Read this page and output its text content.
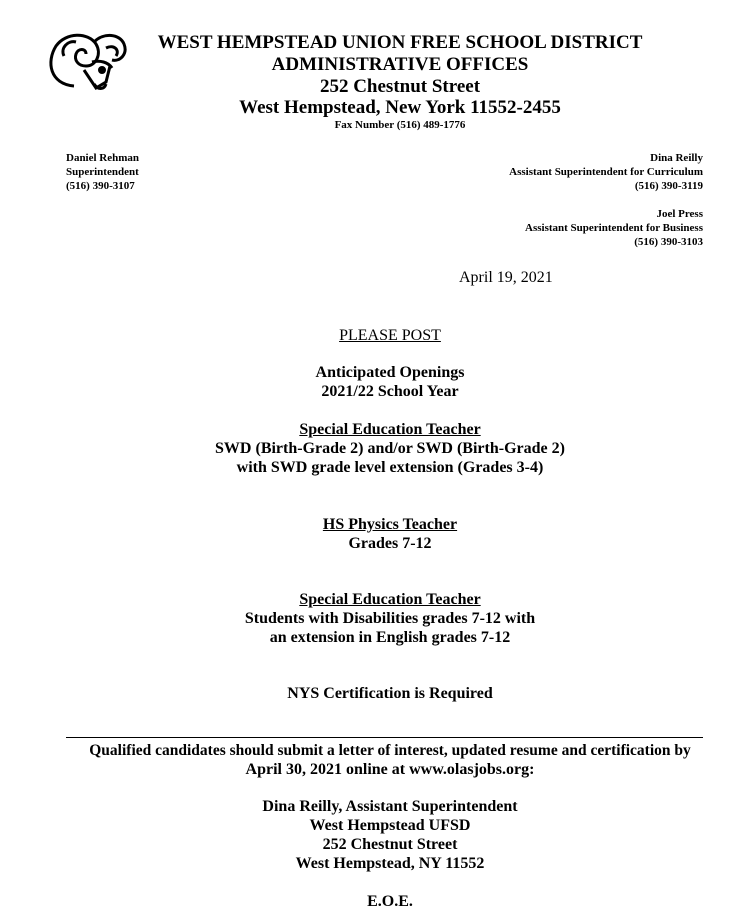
WEST HEMPSTEAD UNION FREE SCHOOL DISTRICT
ADMINISTRATIVE OFFICES
252 Chestnut Street
West Hempstead, New York 11552-2455
Fax Number (516) 489-1776
Daniel Rehman
Superintendent
(516) 390-3107
Dina Reilly
Assistant Superintendent for Curriculum
(516) 390-3119
Joel Press
Assistant Superintendent for Business
(516) 390-3103
April 19, 2021
PLEASE POST
Anticipated Openings
2021/22 School Year
Special Education Teacher
SWD (Birth-Grade 2) and/or SWD (Birth-Grade 2)
with SWD grade level extension (Grades 3-4)
HS Physics Teacher
Grades 7-12
Special Education Teacher
Students with Disabilities grades 7-12 with
an extension in English grades 7-12
NYS Certification is Required
Qualified candidates should submit a letter of interest, updated resume and certification by
April 30, 2021 online at www.olasjobs.org:
Dina Reilly, Assistant Superintendent
West Hempstead UFSD
252 Chestnut Street
West Hempstead, NY 11552
E.O.E.
